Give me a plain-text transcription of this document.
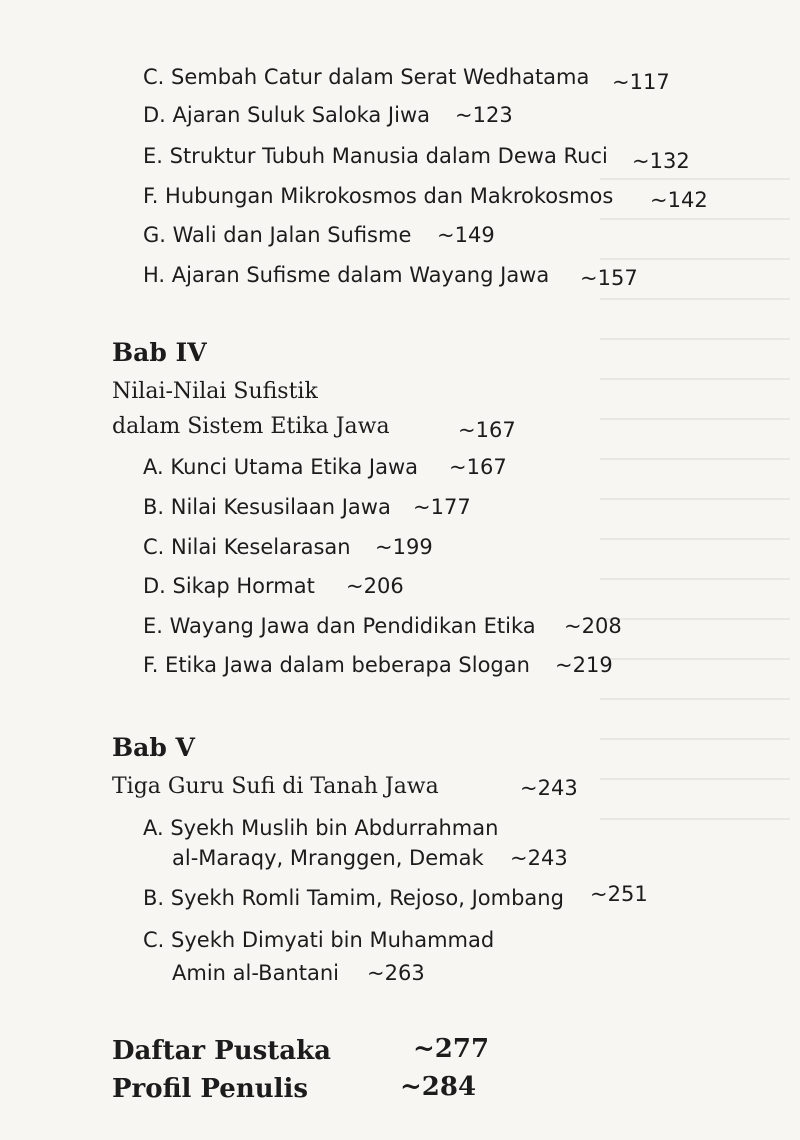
C. Sembah Catur dalam Serat Wedhatama ~117
D. Ajaran Suluk Saloka Jiwa ~123
E. Struktur Tubuh Manusia dalam Dewa Ruci ~132
F. Hubungan Mikrokosmos dan Makrokosmos ~142
G. Wali dan Jalan Sufisme ~149
H. Ajaran Sufisme dalam Wayang Jawa ~157
Bab IV
Nilai-Nilai Sufistik
dalam Sistem Etika Jawa	~167
A. Kunci Utama Etika Jawa ~167
B. Nilai Kesusilaan Jawa ~177
C. Nilai Keselarasan ~199
D. Sikap Hormat ~206
E. Wayang Jawa dan Pendidikan Etika ~208
F. Etika Jawa dalam beberapa Slogan ~219
Bab V
Tiga Guru Sufi di Tanah Jawa	~243
A. Syekh Muslih bin Abdurrahman
al-Maraqy, Mranggen, Demak ~243
B. Syekh Romli Tamim, Rejoso, Jombang ~251
C. Syekh Dimyati bin Muhammad
Amin al-Bantani ~263
Daftar Pustaka	~277
Profil Penulis	~284
